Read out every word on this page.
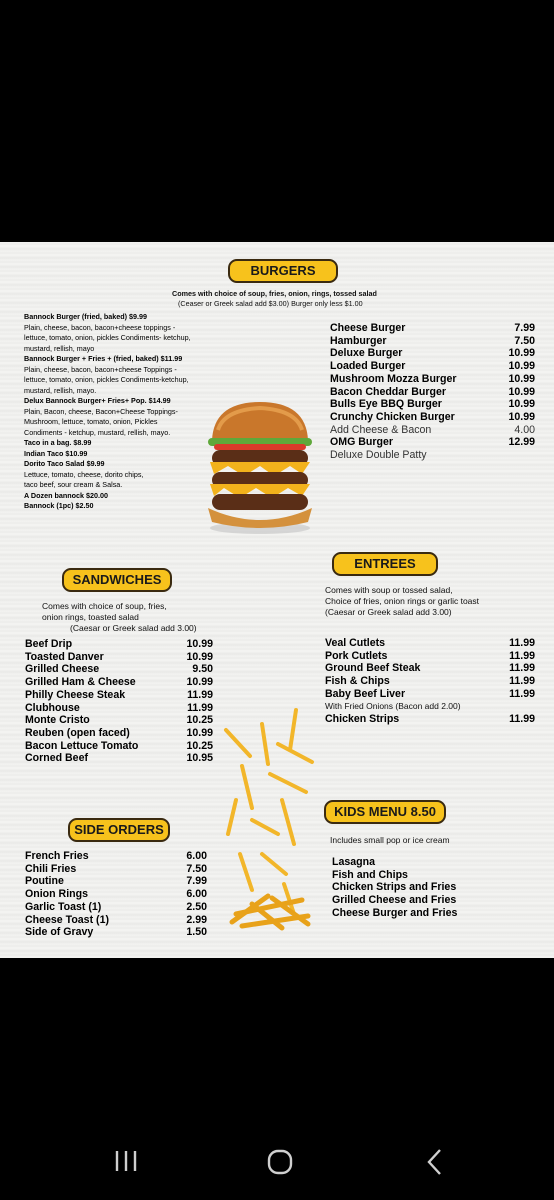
BURGERS
Comes with choice of soup, fries, onion, rings, tossed salad
(Ceaser or Greek salad add $3.00) Burger only less $1.00
Bannock Burger (fried, baked) $9.99
Plain, cheese, bacon, bacon+cheese toppings -
lettuce, tomato, onion, pickles Condiments- ketchup,
mustard, rellish, mayo
Bannock Burger + Fries + (fried, baked) $11.99
Plain, cheese, bacon, bacon+cheese Toppings -
lettuce, tomato, onion, pickles Condiments-ketchup,
mustard, rellish, mayo.
Delux Bannock Burger+ Fries+ Pop. $14.99
Plain, Bacon, cheese, Bacon+Cheese Toppings-
Mushroom, lettuce, tomato, onion, Pickles
Condiments - ketchup, mustard, rellish, mayo.
Taco in a bag. $8.99
Indian Taco $10.99
Dorito Taco Salad $9.99
Lettuce, tomato, cheese, dorito chips,
taco beef, sour cream & Salsa.
A Dozen bannock $20.00
Bannock (1pc) $2.50
Cheese Burger	7.99
Hamburger	7.50
Deluxe Burger	10.99
Loaded Burger	10.99
Mushroom Mozza Burger	10.99
Bacon Cheddar Burger	10.99
Bulls Eye BBQ Burger	10.99
Crunchy Chicken Burger	10.99
Add Cheese & Bacon	4.00
OMG Burger	12.99
Deluxe Double Patty
SANDWICHES
Comes with choice of soup, fries,
onion rings, toasted salad
(Caesar or Greek salad add 3.00)
Beef Drip	10.99
Toasted Danver	10.99
Grilled Cheese	9.50
Grilled Ham & Cheese	10.99
Philly Cheese Steak	11.99
Clubhouse	11.99
Monte Cristo	10.25
Reuben (open faced)	10.99
Bacon Lettuce Tomato	10.25
Corned Beef	10.95
ENTREES
Comes with soup or tossed salad,
Choice of fries, onion rings or garlic toast
(Caesar or Greek salad add 3.00)
Veal Cutlets	11.99
Pork Cutlets	11.99
Ground Beef Steak	11.99
Fish & Chips	11.99
Baby Beef Liver	11.99
With Fried Onions (Bacon add 2.00)
Chicken Strips	11.99
KIDS MENU 8.50
Includes small pop or ice cream
Lasagna
Fish and Chips
Chicken Strips and Fries
Grilled Cheese and Fries
Cheese Burger and Fries
SIDE ORDERS
French Fries	6.00
Chili Fries	7.50
Poutine	7.99
Onion Rings	6.00
Garlic Toast (1)	2.50
Cheese Toast (1)	2.99
Side of Gravy	1.50
